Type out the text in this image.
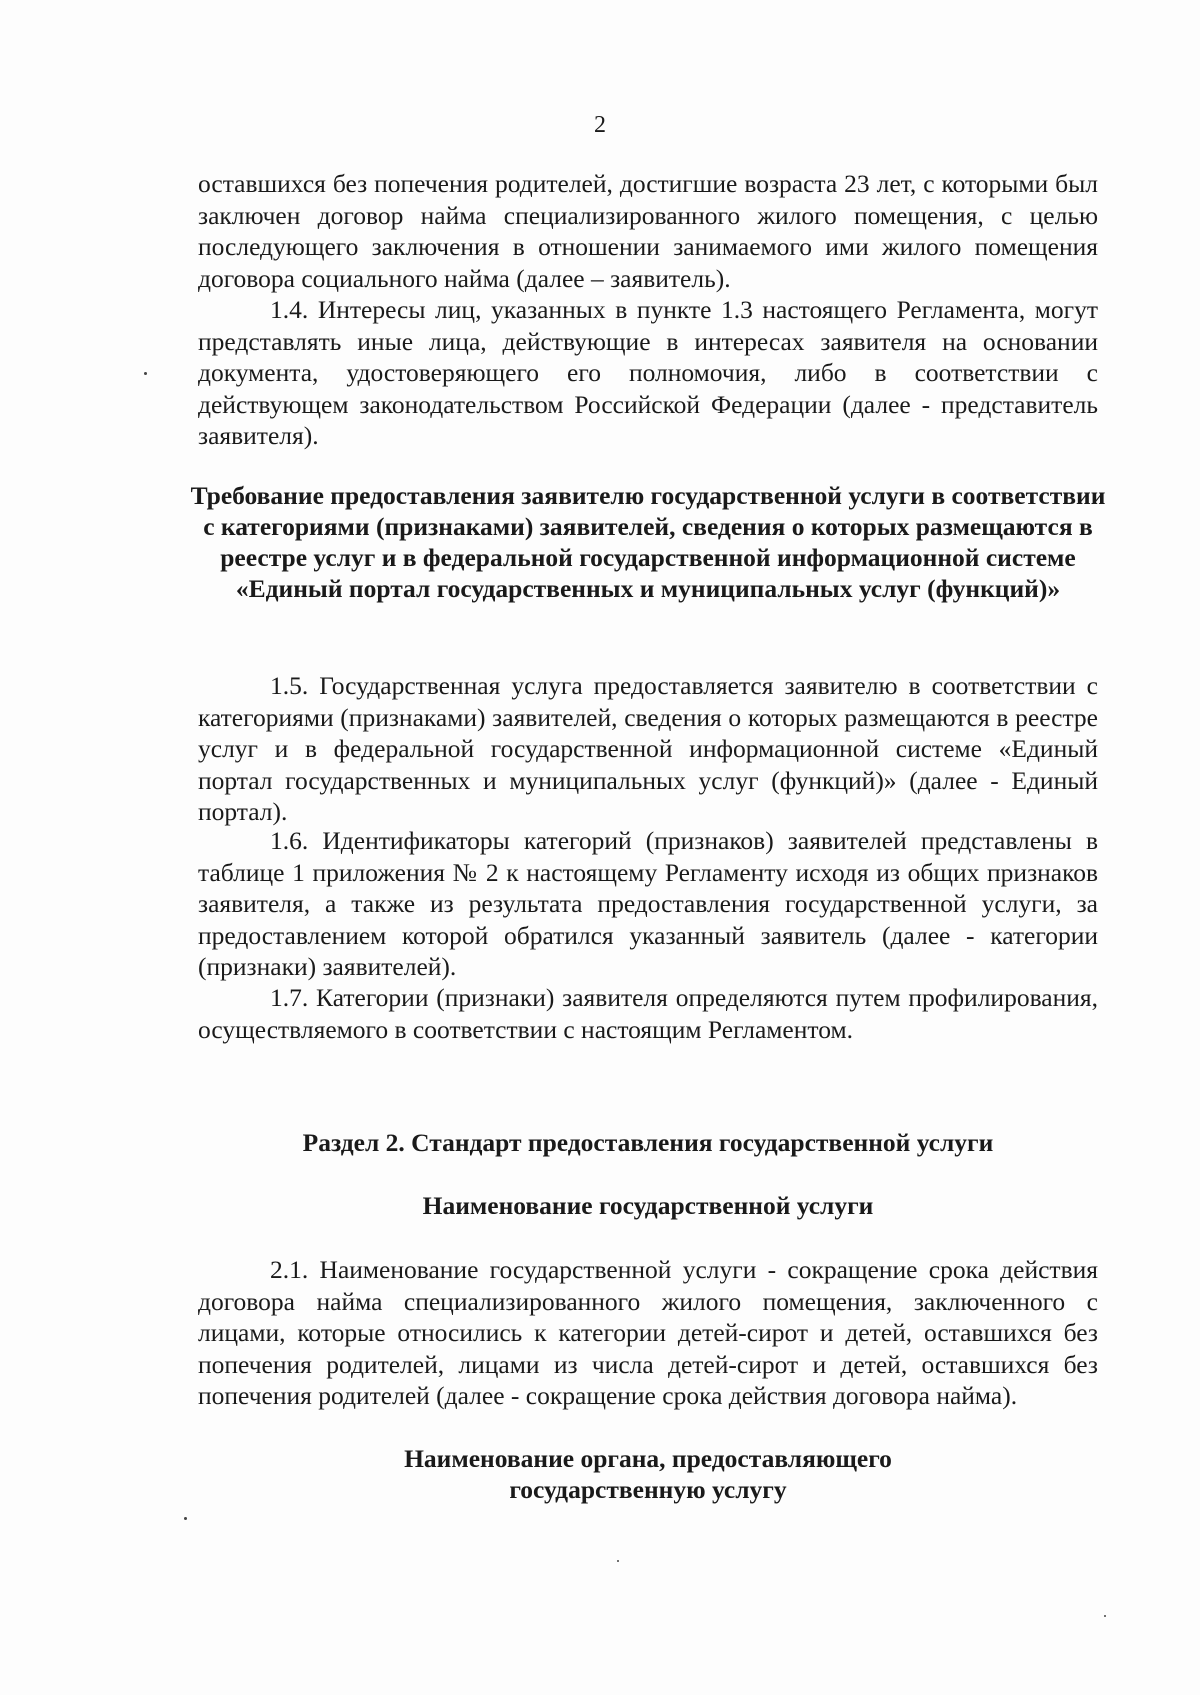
2

оставшихся без попечения родителей, достигшие возраста 23 лет, с которыми был заключен договор найма специализированного жилого помещения, с целью последующего заключения в отношении занимаемого ими жилого помещения договора социального найма (далее – заявитель).

1.4. Интересы лиц, указанных в пункте 1.3 настоящего Регламента, могут представлять иные лица, действующие в интересах заявителя на основании документа, удостоверяющего его полномочия, либо в соответствии с действующем законодательством Российской Федерации (далее - представитель заявителя).

Требование предоставления заявителю государственной услуги в соответствии с категориями (признаками) заявителей, сведения о которых размещаются в реестре услуг и в федеральной государственной информационной системе «Единый портал государственных и муниципальных услуг (функций)»

1.5. Государственная услуга предоставляется заявителю в соответствии с категориями (признаками) заявителей, сведения о которых размещаются в реестре услуг и в федеральной государственной информационной системе «Единый портал государственных и муниципальных услуг (функций)» (далее - Единый портал).

1.6. Идентификаторы категорий (признаков) заявителей представлены в таблице 1 приложения № 2 к настоящему Регламенту исходя из общих признаков заявителя, а также из результата предоставления государственной услуги, за предоставлением которой обратился указанный заявитель (далее - категории (признаки) заявителей).

1.7. Категории (признаки) заявителя определяются путем профилирования, осуществляемого в соответствии с настоящим Регламентом.

Раздел 2. Стандарт предоставления государственной услуги

Наименование государственной услуги

2.1. Наименование государственной услуги - сокращение срока действия договора найма специализированного жилого помещения, заключенного с лицами, которые относились к категории детей-сирот и детей, оставшихся без попечения родителей, лицами из числа детей-сирот и детей, оставшихся без попечения родителей (далее - сокращение срока действия договора найма).

Наименование органа, предоставляющего
государственную услугу
